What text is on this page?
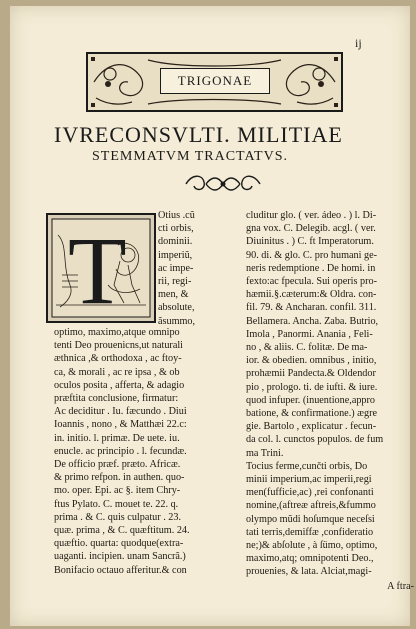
ij
TRIGONAE
IVRECONSVLTI. MILITIAE
STEMMATVM TRACTATVS.
T
Otius .cũ
cti orbis,
dominii.
imperiũ,
ac impe-
rii, regi-
men, &
absolute,
ãsummo,
optimo, maximo,atque omnipo
tenti Deo prouenicns,ut naturali
æthnica ,& orthodoxa , ac ftoy-
ca, & morali , ac re ipsa , & ob
oculos posita , afferta, & adagio
præftita conclusione, firmatur:
Ac deciditur . Iu. fæcundo . Diui
Ioannis , nono , & Matthæi 22.c:
in. initio. l. primæ. De uete. iu.
enucle. ac principio . l. fecundæ.
De officio præf. præto. Africæ.
& primo refpon. in authen. quo-
mo. oper. Epi. ac §. item Chry-
ftus Pylato. C. mouet te. 22. q.
prima . & C. quis culpatur . 23.
quæ. prima , & C. quæftitum. 24.
quæftio. quarta: quodque(extra-
uaganti. incipien. unam Sancrã.)
Bonifacio octauo afferitur.& con
cluditur glo. ( ver. ádeo . ) l. Di-
gna vox. C. Delegib. acgl. ( ver.
Diuinitus . ) C. ft Imperatorum.
90. di. & glo. C. pro humani ge-
neris redemptione . De homi. in
fexto:ac fpecula. Sui operis pro-
hæmii.§.cæterum:& Oldra. con-
fil. 79. & Ancharan. confil. 311.
Bellamera. Ancha. Zaba. Butrio,
Imola , Panormi. Anania , Feli-
no , & aliis. C. folitæ. De ma-
ior. & obedien. omnibus , initio,
prohæmii Pandecta.& Oldendor
pio , prologo. ti. de iufti. & iure.
quod infuper. (inuentione,appro
batione, & confirmatione.) ægre
gie. Bartolo , explicatur . fecun-
da col. l. cunctos populos. de fum
ma Trini.
Tocius ferme,cunčti orbis, Do
minii imperium,ac imperii,regi
men(fufficie,ac) ,rei confonanti
nomine,(aftreæ aftreis,&fummo
olympo mũdi hoſumque neceſsi
tati terris,demiffæ ,confideratio
ne;)& abſolute , à ſümo, optimo,
maximo,atq; omnipotenti Deo.,
prouenies, & lata. Alciat,magi-
A ftra-
